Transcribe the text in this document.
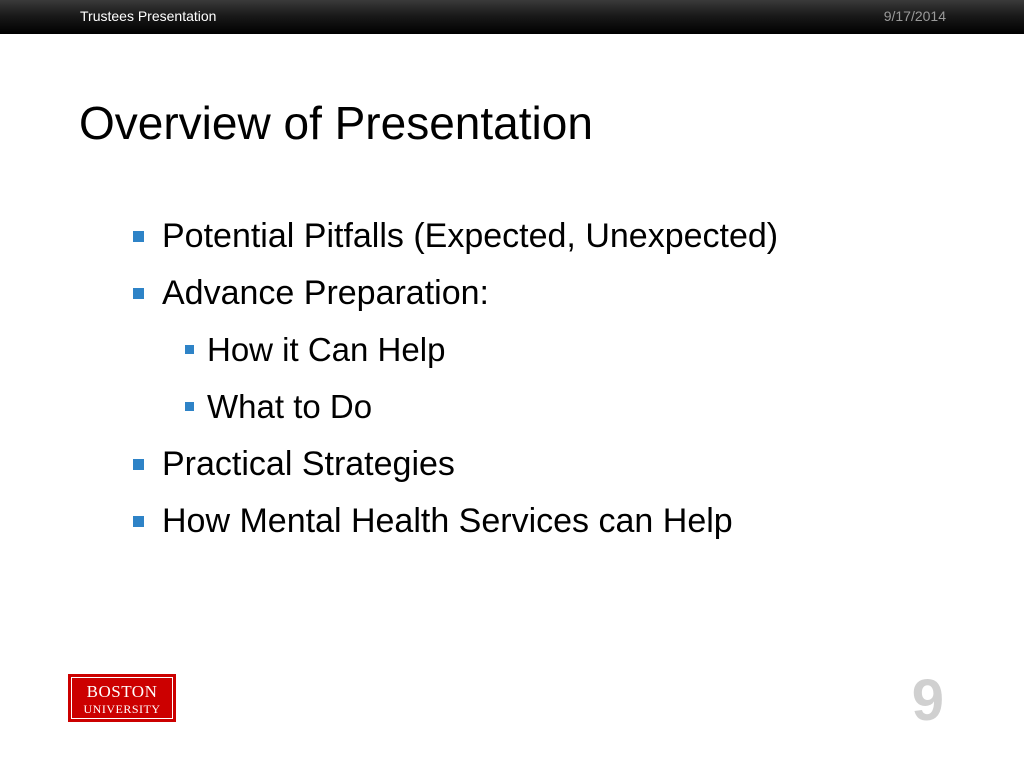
Trustees Presentation	9/17/2014
Overview of Presentation
Potential Pitfalls (Expected, Unexpected)
Advance Preparation:
How it Can Help
What to Do
Practical Strategies
How Mental Health Services can Help
BOSTON
UNIVERSITY	9
